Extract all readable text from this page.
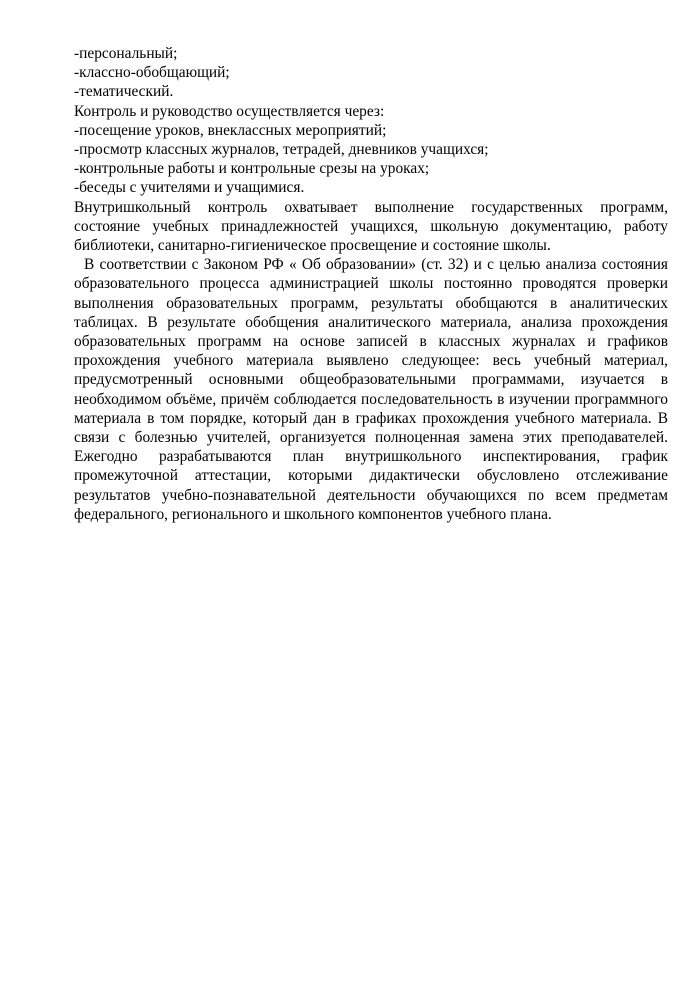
-персональный;

-классно-обобщающий;

-тематический.

Контроль и руководство осуществляется через:

-посещение уроков, внеклассных мероприятий;

-просмотр классных журналов, тетрадей, дневников учащихся;

-контрольные работы и контрольные срезы на уроках;

-беседы с учителями и учащимися.

Внутришкольный контроль охватывает выполнение государственных программ, состояние учебных принадлежностей учащихся, школьную документацию, работу библиотеки, санитарно-гигиеническое просвещение и состояние школы.

В соответствии с Законом РФ « Об образовании» (ст. 32) и с целью анализа состояния образовательного процесса администрацией школы постоянно проводятся проверки выполнения образовательных программ, результаты обобщаются в аналитических таблицах. В результате обобщения аналитического материала, анализа прохождения образовательных программ на основе записей в классных журналах и графиков прохождения учебного материала выявлено следующее: весь учебный материал, предусмотренный основными общеобразовательными программами, изучается в необходимом объёме, причём соблюдается последовательность в изучении программного материала в том порядке, который дан в графиках прохождения учебного материала. В связи с болезнью учителей, организуется полноценная замена этих преподавателей. Ежегодно разрабатываются план внутришкольного инспектирования, график промежуточной аттестации, которыми дидактически обусловлено отслеживание результатов учебно-познавательной деятельности обучающихся по всем предметам федерального, регионального и школьного компонентов учебного плана.
